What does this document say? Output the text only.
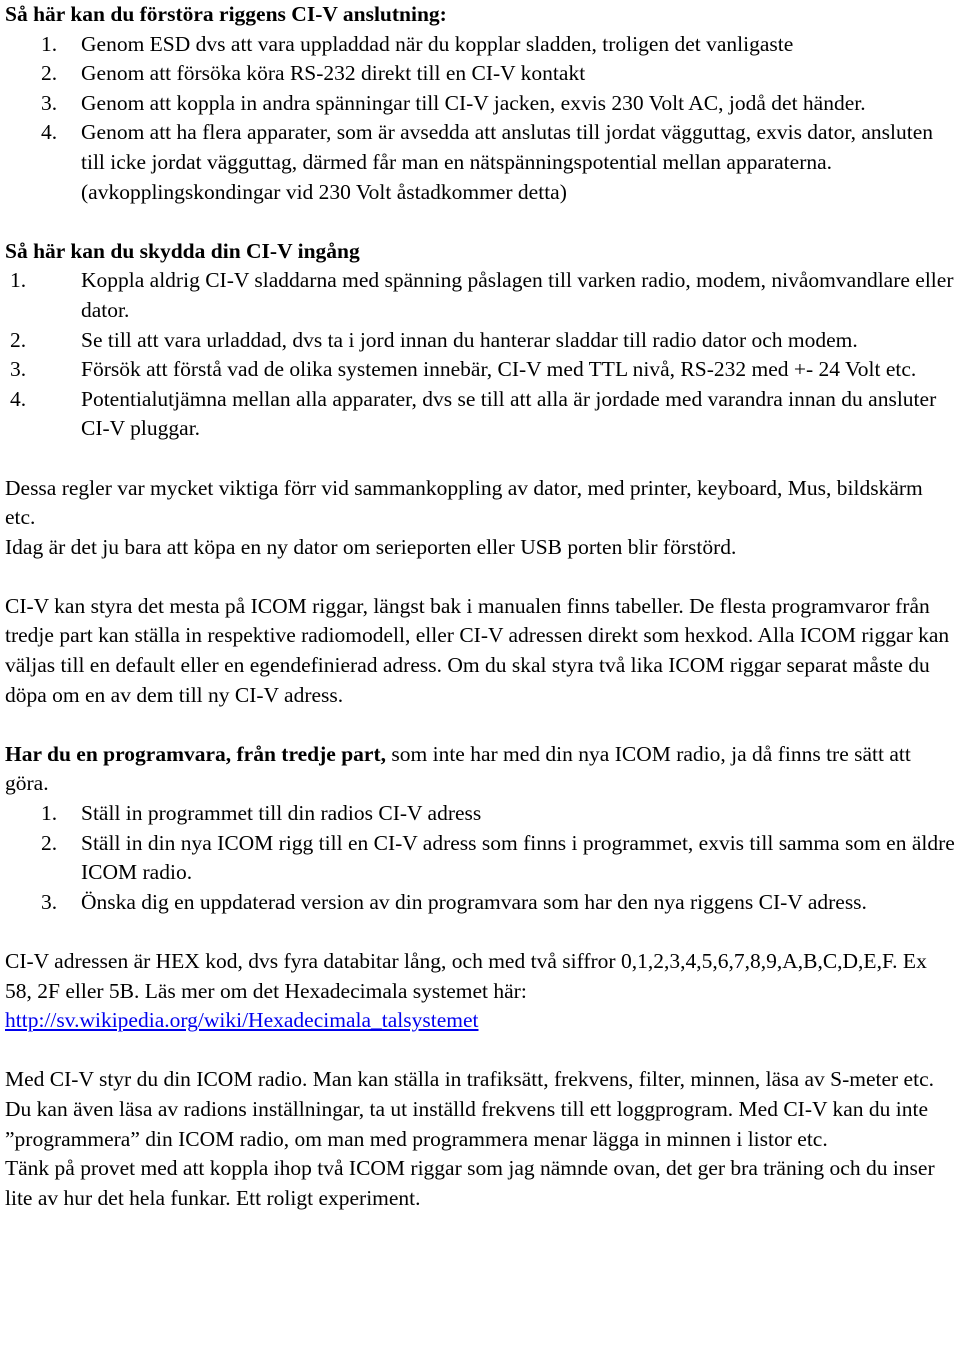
Så här kan du förstöra riggens CI-V anslutning:

1. Genom ESD dvs att vara uppladdad när du kopplar sladden, troligen det vanligaste
2. Genom att försöka köra RS-232 direkt till en CI-V kontakt
3. Genom att koppla in andra spänningar till CI-V jacken, exvis 230 Volt AC, jodå det händer.
4. Genom att ha flera apparater, som är avsedda att anslutas till jordat vägguttag, exvis dator, ansluten till icke jordat vägguttag, därmed får man en nätspänningspotential mellan apparaterna. (avkopplingskondingar vid 230 Volt åstadkommer detta)

Så här kan du skydda din CI-V ingång

1.	Koppla aldrig CI-V sladdarna med spänning påslagen till varken radio, modem, nivåomvandlare eller dator.
2.	Se till att vara urladdad, dvs ta i jord innan du hanterar sladdar till radio dator och modem.
3.	Försök att förstå vad de olika systemen innebär, CI-V med TTL nivå, RS-232 med +- 24 Volt etc.
4.	Potentialutjämna mellan alla apparater, dvs se till att alla är jordade med varandra innan du ansluter CI-V pluggar.

Dessa regler var mycket viktiga förr vid sammankoppling av dator, med printer, keyboard, Mus, bildskärm etc.

Idag är det ju bara att köpa en ny dator om serieporten eller USB porten blir förstörd.

CI-V kan styra det mesta på ICOM riggar, längst bak i manualen finns tabeller. De flesta programvaror från tredje part kan ställa in respektive radiomodell, eller CI-V adressen direkt som hexkod. Alla ICOM riggar kan väljas till en default eller en egendefinierad adress. Om du skal styra två lika ICOM riggar separat måste du döpa om en av dem till ny CI-V adress.

Har du en programvara, från tredje part, som inte har med din nya ICOM radio, ja då finns tre sätt att göra.

1. Ställ in programmet till din radios CI-V adress
2. Ställ in din nya ICOM rigg till en CI-V adress som finns i programmet, exvis till samma som en äldre ICOM radio.
3. Önska dig en uppdaterad version av din programvara som har den nya riggens CI-V adress.

CI-V adressen är HEX kod, dvs fyra databitar lång, och med två siffror 0,1,2,3,4,5,6,7,8,9,A,B,C,D,E,F. Ex 58, 2F eller 5B. Läs mer om det Hexadecimala systemet här: http://sv.wikipedia.org/wiki/Hexadecimala_talsystemet

Med CI-V styr du din ICOM radio. Man kan ställa in trafiksätt, frekvens, filter, minnen, läsa av S-meter etc. Du kan även läsa av radions inställningar, ta ut inställd frekvens till ett loggprogram. Med CI-V kan du inte ”programmera” din ICOM radio, om man med programmera menar lägga in minnen i listor etc.

Tänk på provet med att koppla ihop två ICOM riggar som jag nämnde ovan, det ger bra träning och du inser lite av hur det hela funkar. Ett roligt experiment.
